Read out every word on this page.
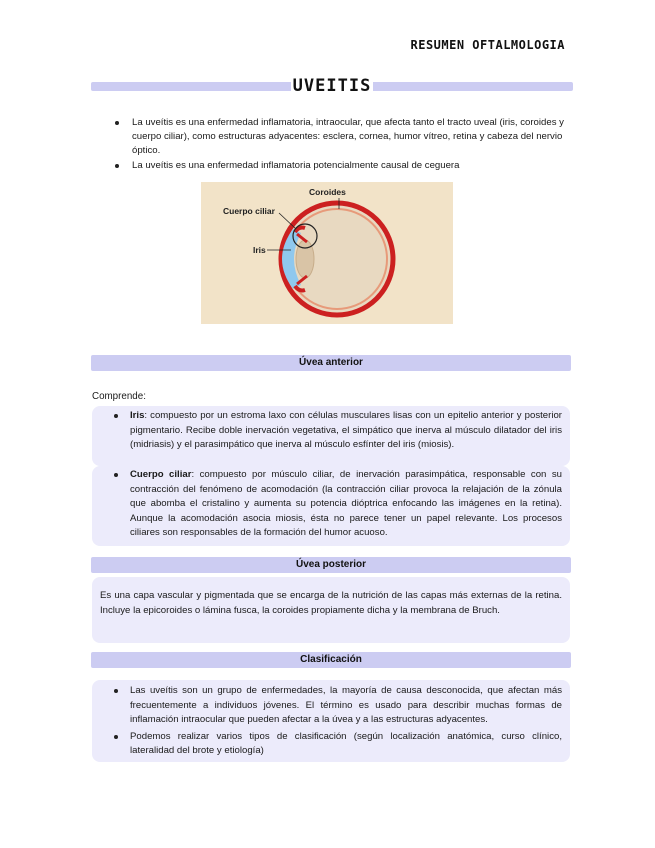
RESUMEN OFTALMOLOGIA
UVEITIS
La uveítis es una enfermedad inflamatoria, intraocular, que afecta tanto el tracto uveal (iris, coroides y cuerpo ciliar), como estructuras adyacentes: esclera, cornea, humor vítreo, retina y cabeza del nervio óptico.
La uveítis es una enfermedad inflamatoria potencialmente causal de ceguera
Coroides
Cuerpo ciliar
Iris
Úvea anterior
Comprende:
Iris: compuesto por un estroma laxo con células musculares lisas con un epitelio anterior y posterior pigmentario. Recibe doble inervación vegetativa, el simpático que inerva al músculo dilatador del iris (midriasis) y el parasimpático que inerva al músculo esfínter del iris (miosis).
Cuerpo ciliar: compuesto por músculo ciliar, de inervación parasimpática, responsable con su contracción del fenómeno de acomodación (la contracción ciliar provoca la relajación de la zónula que abomba el cristalino y aumenta su potencia dióptrica enfocando las imágenes en la retina). Aunque la acomodación asocia miosis, ésta no parece tener un papel relevante. Los procesos ciliares son responsables de la formación del humor acuoso.
Úvea posterior

Es una capa vascular y pigmentada que se encarga de la nutrición de las capas más externas de la retina. Incluye la epicoroides o lámina fusca, la coroides propiamente dicha y la membrana de Bruch.

Clasificación
Las uveítis son un grupo de enfermedades, la mayoría de causa desconocida, que afectan más frecuentemente a individuos jóvenes. El término es usado para describir muchas formas de inflamación intraocular que pueden afectar a la úvea y a las estructuras adyacentes.
Podemos realizar varios tipos de clasificación (según localización anatómica, curso clínico, lateralidad del brote y etiología)
